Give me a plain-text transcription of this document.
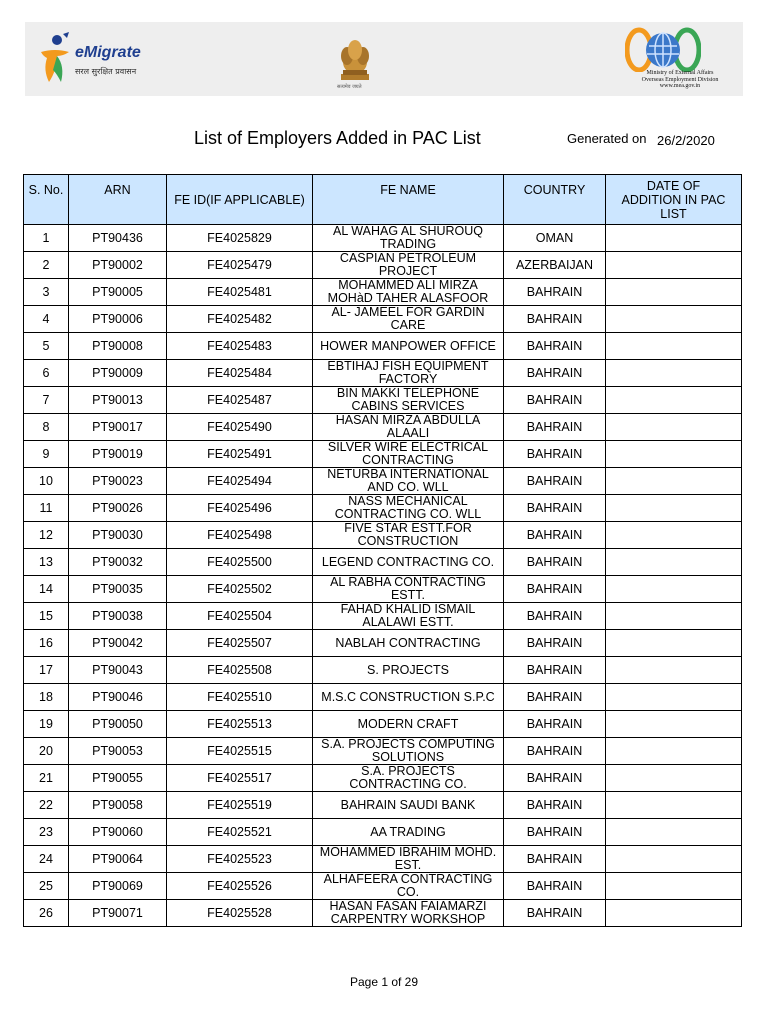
eMigrate
सरल सुरक्षित प्रवासन
सत्यमेव जयते
Ministry of External Affairs
Overseas Employment Division
www.mea.gov.in
List of Employers Added in PAC List	Generated on 26/2/2020
S. No.	ARN	FE ID(IF APPLICABLE)	FE NAME	COUNTRY	DATE OF ADDITION IN PAC LIST
1	PT90436	FE4025829	AL WAHAG AL SHUROUQ TRADING	OMAN	
2	PT90002	FE4025479	CASPIAN PETROLEUM PROJECT	AZERBAIJAN	
3	PT90005	FE4025481	MOHAMMED ALI MIRZA MOHàD TAHER ALASFOOR	BAHRAIN	
4	PT90006	FE4025482	AL- JAMEEL FOR GARDIN CARE	BAHRAIN	
5	PT90008	FE4025483	HOWER MANPOWER OFFICE	BAHRAIN	
6	PT90009	FE4025484	EBTIHAJ FISH EQUIPMENT FACTORY	BAHRAIN	
7	PT90013	FE4025487	BIN MAKKI TELEPHONE CABINS SERVICES	BAHRAIN	
8	PT90017	FE4025490	HASAN MIRZA ABDULLA ALAALI	BAHRAIN	
9	PT90019	FE4025491	SILVER WIRE ELECTRICAL CONTRACTING	BAHRAIN	
10	PT90023	FE4025494	NETURBA INTERNATIONAL AND CO. WLL	BAHRAIN	
11	PT90026	FE4025496	NASS MECHANICAL CONTRACTING CO. WLL	BAHRAIN	
12	PT90030	FE4025498	FIVE STAR ESTT.FOR CONSTRUCTION	BAHRAIN	
13	PT90032	FE4025500	LEGEND CONTRACTING CO.	BAHRAIN	
14	PT90035	FE4025502	AL RABHA CONTRACTING ESTT.	BAHRAIN	
15	PT90038	FE4025504	FAHAD KHALID ISMAIL ALALAWI ESTT.	BAHRAIN	
16	PT90042	FE4025507	NABLAH CONTRACTING	BAHRAIN	
17	PT90043	FE4025508	S. PROJECTS	BAHRAIN	
18	PT90046	FE4025510	M.S.C CONSTRUCTION S.P.C	BAHRAIN	
19	PT90050	FE4025513	MODERN CRAFT	BAHRAIN	
20	PT90053	FE4025515	S.A. PROJECTS COMPUTING SOLUTIONS	BAHRAIN	
21	PT90055	FE4025517	S.A. PROJECTS CONTRACTING CO.	BAHRAIN	
22	PT90058	FE4025519	BAHRAIN SAUDI BANK	BAHRAIN	
23	PT90060	FE4025521	AA TRADING	BAHRAIN	
24	PT90064	FE4025523	MOHAMMED IBRAHIM MOHD. EST.	BAHRAIN	
25	PT90069	FE4025526	ALHAFEERA CONTRACTING CO.	BAHRAIN	
26	PT90071	FE4025528	HASAN FASAN FAIAMARZI CARPENTRY WORKSHOP	BAHRAIN	
Page 1 of 29
